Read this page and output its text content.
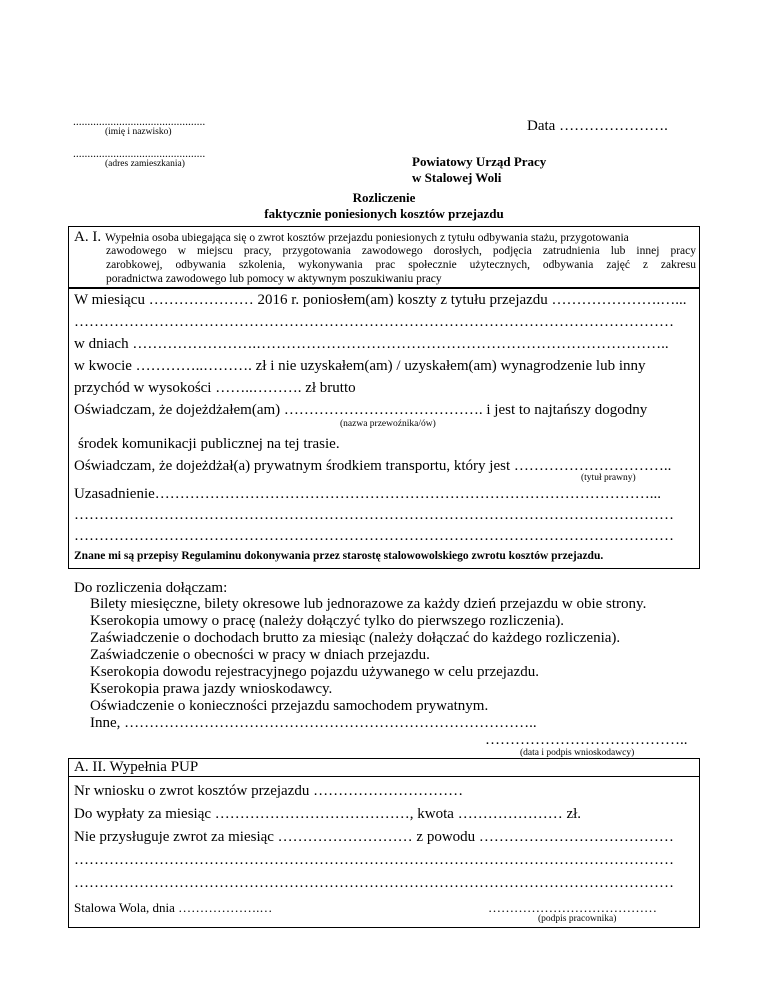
..............................................
(imię i nazwisko)
..............................................
(adres zamieszkania)
Data ………………….
Powiatowy Urząd Pracy
w Stalowej Woli
Rozliczenie
faktycznie poniesionych kosztów przejazdu
A. I. Wypełnia osoba ubiegająca się o zwrot kosztów przejazdu poniesionych z tytułu odbywania stażu, przygotowania
zawodowego w miejscu pracy, przygotowania zawodowego dorosłych, podjęcia zatrudnienia lub innej pracy
zarobkowej, odbywania szkolenia, wykonywania prac społecznie użytecznych, odbywania zajęć z zakresu
poradnictwa zawodowego lub pomocy w aktywnym poszukiwaniu pracy
W miesiącu ………………… 2016 r. poniosłem(am) koszty z tytułu przejazdu ………………….…...
…………………………………………………………………………………………………………
w dniach …………………….………………………………………………………………………..
w kwocie …………..………. zł i nie uzyskałem(am) / uzyskałem(am) wynagrodzenie lub inny
przychód w wysokości ……..………. zł brutto
Oświadczam, że dojeżdżałem(am) …………………………………. i jest to najtańszy dogodny
(nazwa przewoźnika/ów)
środek komunikacji publicznej na tej trasie.
Oświadczam, że dojeżdżał(a) prywatnym środkiem transportu, który jest …………………………..
(tytuł prawny)
Uzasadnienie………………………………………………………………………………………...
…………………………………………………………………………………………………………
…………………………………………………………………………………………………………
Znane mi są przepisy Regulaminu dokonywania przez starostę stalowowolskiego zwrotu kosztów przejazdu.
Do rozliczenia dołączam:
Bilety miesięczne, bilety okresowe lub jednorazowe za każdy dzień przejazdu w obie strony.
Kserokopia umowy o pracę (należy dołączyć tylko do pierwszego rozliczenia).
Zaświadczenie o dochodach brutto za miesiąc (należy dołączać do każdego rozliczenia).
Zaświadczenie o obecności w pracy w dniach przejazdu.
Kserokopia dowodu rejestracyjnego pojazdu używanego w celu przejazdu.
Kserokopia prawa jazdy wnioskodawcy.
Oświadczenie o konieczności przejazdu samochodem prywatnym.
Inne, ………………………………………………………………………..
…………………………………..
(data i podpis wnioskodawcy)
A. II. Wypełnia PUP
Nr wniosku o zwrot kosztów przejazdu …………………………
Do wypłaty za miesiąc …………………………………, kwota ………………… zł.
Nie przysługuje zwrot za miesiąc ……………………… z powodu …………………………………
…………………………………………………………………………………………………………
…………………………………………………………………………………………………………
Stalowa Wola, dnia ……………….…	…………………………………
(podpis pracownika)
